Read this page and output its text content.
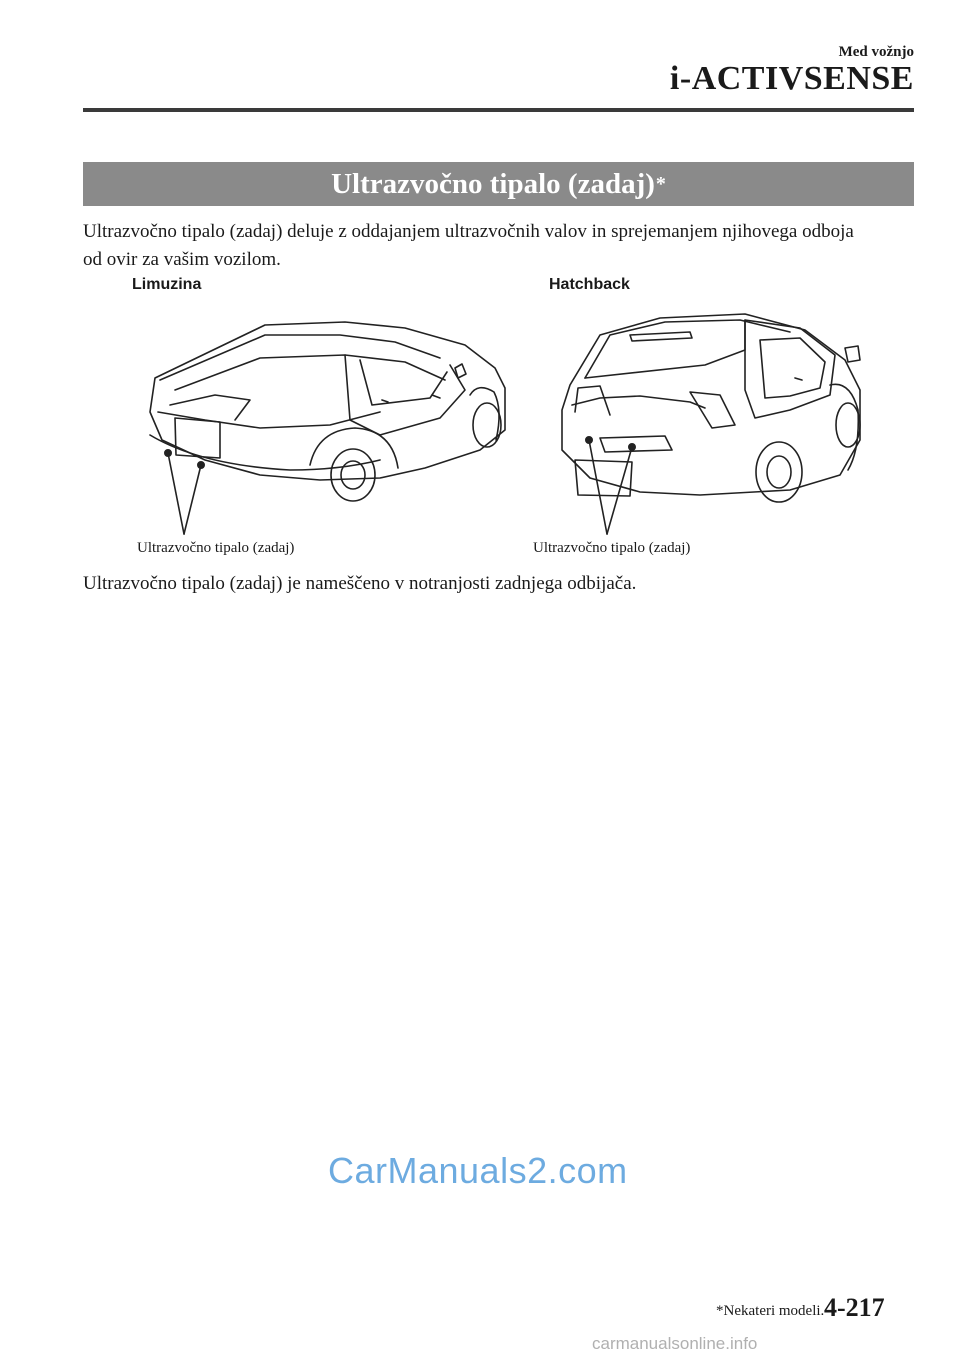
Med vožnjo
i-ACTIVSENSE
Ultrazvočno tipalo (zadaj) *
Ultrazvočno tipalo (zadaj) deluje z oddajanjem ultrazvočnih valov in sprejemanjem njihovega odboja od ovir za vašim vozilom.
Limuzina	Hatchback
Ultrazvočno tipalo (zadaj)	Ultrazvočno tipalo (zadaj)
Ultrazvočno tipalo (zadaj) je nameščeno v notranjosti zadnjega odbijača.
CarManuals2.com
*Nekateri modeli. 4-217
carmanualsonline.info
